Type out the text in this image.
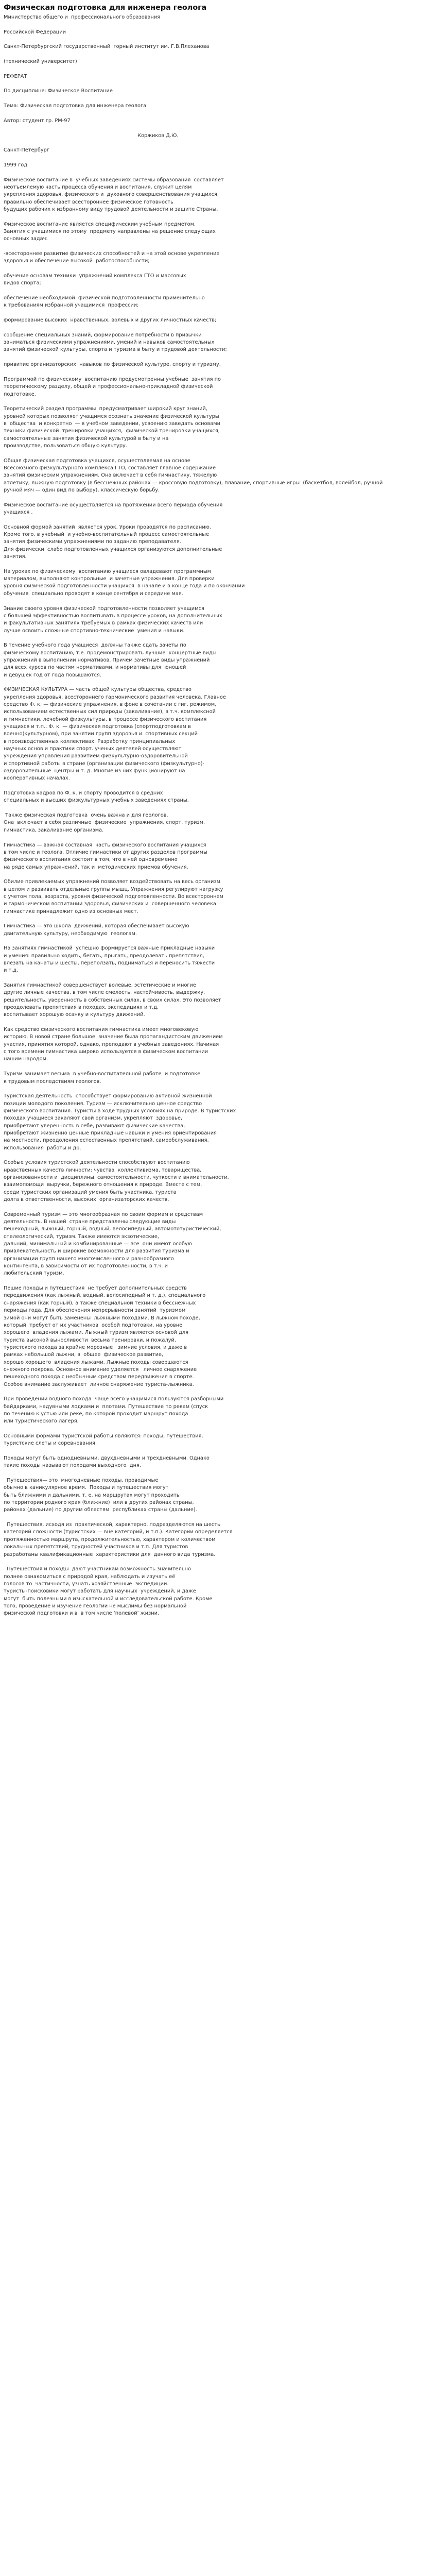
Физическая подготовка для инженера геолога

Министерство общего и  профессионального образования

Российской Федерации

Санкт-Петербургский государственный  горный институт им. Г.В.Плеханова

(технический университет)

РЕФЕРАТ

По дисциплине: Физическое Воспитание

Тема: Физическая подготовка для инженера геолога

Автор: студент гр. РМ-97

Коржиков Д.Ю.

Санкт-Петербург

1999 год

Физическое воспитание в  учебных заведениях системы образования  составляет
неотъемлемую часть процесса обучения и воспитания, служит целям
укрепления здоровья, физического и  духовного совершенствования учащихся,
правильно обеспечивает всестороннее физическое готовность
будущих рабочих к избранному виду трудовой деятельности и защите Страны.

Физическое воспитание является специфическим учебным предметом.
Занятия с учащимися по этому  предмету направлены на решение следующих
основных задач:

-всестороннее развитие физических способностей и на этой основе укрепление
здоровья и обеспечение высокой  работоспособности;

обучение основам техники  упражнений комплекса ГТО и массовых
видов спорта;

обеспечение необходимой  физической подготовленности применительно
к требованиям избранной учащимися  профессии;

формирование высоких  нравственных, волевых и других личностных качеств;

сообщение специальных знаний, формирование потребности в привычки
заниматься физическими упражнениями, умений и навыков самостоятельных
занятий физической культуры, спорта и туризма в быту и трудовой деятельности;

привитие организаторских  навыков по физической культуре, спорту и туризму.

Программой по физическому  воспитанию предусмотренны учебные  занятия по
теоретическому разделу, общей и профессионально-прикладной физической
подготовке.

Теоретический раздел программы  предусматривает широкий круг знаний,
уровней которых позволяет учащимся осознать значение физической культуры
в  общества  и конкретно  — в учебном заведении, усвоению заведать основами
техники физической  тренировки учащихся,  физической тренировки учащихся,
самостоятельные занятия физической культурой в быту и на
производстве, пользоваться общую культуру.

Общая физическая подготовка учащихся, осуществляемая на основе
Всесоюзного физкультурного комплекса ГТО, составляет главное содержание
занятий физическим упражнениям. Она включает в себя гимнастику, тяжелую
атлетику, лыжную подготовку (в бесснежных районах — кроссовую подготовку), плавание, спортивные игры  (баскетбол, волейбол, ручной
ручной мяч — один вид по выбору), классическую борьбу.

Физическое воспитание осуществляется на протяжении всего периода обучения
учащихся .

Основной формой занятий  является урок. Уроки проводятся по расписанию.
Кроме того, в учебный  и учебно-воспитательный процесс самостоятельные
занятия физическими упражнениями по заданию преподавателя.
Для физически  слабо подготовленных учащихся организуются дополнительные
занятия.

На уроках по физическому  воспитанию учащиеся овладевают программным
материалом, выполняют контрольные  и зачетные упражнения. Для проверки
уровня физической подготовленности учащихся  в начале и в конце года и по окончании
обучения  специально проводят в конце сентября и середине мая.

Знание своего уровня физической подготовленности позволяет учащимся
с большей эффективностью воспитывать в процессе уроков, на дополнительных
и факультативных занятиях требуемых в рамках физических качеств или
лучше освоить сложные спортивно-технические  умения и навыки.

В течение учебного года учащиеся  должны также сдать зачеты по
физическому воспитанию, т.е. продемонстрировать лучшие  концертные виды
упражнений в выполнении нормативов. Причем зачетные виды упражнений
для всех курсов по частям нормативами, и нормативы для  юношей
и девушек год от года повышаются.

ФИЗИЧЕСКАЯ КУЛЬТУРА — часть общей культуры общества, средство
укрепления здоровья, всестороннего гармонического развития человека. Главное
средство Ф. к. — физические упражнения, в фоне в сочетании с гиг. режимом,
использованием естественных сил природы (закаливание), в т.ч. комплексной
и гимнастики, лечебной физкультуры, в процессе физического воспитания
учащихся и т.п.. Ф. к. — физическая подготовка (спортподготовкам в
военно)культурном), при занятии групп здоровья и  спортивных секций
в производственных коллективах. Разработку принципиальных
научных основ и практики спорт. ученых деятелей осуществляют
учреждения управления развитием физкультурно-оздоровительной
и спортивной работы в стране (организации физического (физкультурно)-
оздоровительные  центры и т. д. Многие из них функционируют на
кооперативных началах.

Подготовка кадров по Ф. к. и спорту проводится в средних
специальных и высших физкультурных учебных заведениях страны.

Также физическая подготовка  очень важна и для геологов.
Она  включает в себя различные  физические  упражнения, спорт, туризм,
гимнастика, закаливание организма.

Гимнастика — важная составная  часть физического воспитания учащихся
в том числе и геолога. Отличие гимнастики от других разделов программы
физического воспитания состоит в том, что в ней одновременно
на ряде самых упражнений, так и  методических приемов обучения.

Обилие привлекаемых упражнений позволяет воздействовать на весь организм
в целом и развивать отдельные группы мышц. Упражнения регулируют нагрузку
с учетом пола, возраста, уровня физической подготовленности. Во всестороннем
и гармоническом воспитании здоровья, физических и  совершенного человека
гимнастике принадлежит одно из основных мест.

Гимнастика — это школа  движений, которая обеспечивает высокую
двигательную культуру, необходимую  геологам.

На занятиях гимнастикой  успешно формируется важные прикладные навыки
и умения: правильно ходить, бегать, прыгать, преодолевать препятствия,
влезать на канаты и шесты, переползать, подниматься и переносить тяжести
и т.д.

Занятия гимнастикой совершенствует волевые, эстетические и многие
другие личные качества, в том числе смелость, настойчивость, выдержку,
решительность, уверенность в собственных силах, в своих силах. Это позволяет
преодолевать препятствия в походах, экспедициях и т.д.
воспитывает хорошую осанку и культуру движений.

Как средство физического воспитания гимнастика имеет многовековую
историю. В новой странe большое  значение была пропагандистским движением
участия, принятия которой, однако, преподают в учебных заведениях. Начиная
с того времени гимнастика широко используется в физическом воспитании
нашим народом.

Туризм занимает весьма  в учебно-воспитательной работе  и подготовке
к трудовым последствиям геологов.

Туристская деятельность  способствует формированию активной жизненной
позиции молодого поколения. Туризм — исключительно ценное средство
физического воспитания. Туристы в ходе трудных условиях на природе. В туристских
походах учащиеся закаляют свой организм, укрепляют  здоровье,
приобретают уверенность в себе, развивают физические качества,
приобретают жизненно ценные прикладные навыки и умения ориентирования
на местности, преодоления естественных препятствий, самообслуживания,
использования  работы и др.

Особые условия туристской деятельности способствуют воспитанию
нравственных качеств личности: чувства  коллективизма, товарищества,
организованности и  дисциплины, самостоятельности, чуткости и внимательности,
взаимопомощи  выручки, бережного отношения к природе. Вместе с тем,
среди туристских организаций умения быть участника, туриста
долга в ответственности, высоких  организаторских качеств.

Современный туризм — это многообразная по своим формам и средствам
деятельность. В нашей  стране представлены следующие виды
пешеходный, лыжный, горный, водный, велосипедный, автомототуристический,
спелеологический, туризм. Также имеются экзотические,
дальний, минимальный и комбинированные — все  они имеют особую
привлекательность и широкие возможности для развития туризма и
организации групп нашего многочисленного и разнообразного
контингента, в зависимости от их подготовленности, в т.ч. и
любительский туризм.

Пешие походы и путешествия  не требует дополнительных средств
передвижения (как лыжный, водный, велосипедный и т. д.), специального
снаряжения (как горный), а также специальной техники в бесснежных
периоды года. Для обеспечения непрерывности занятий  туризмом
зимой они могут быть заменены  лыжными походами. В лыжном походе,
который  требует от их участников  особой подготовки, на уровне
хорошего  владения лыжами. Лыжный туризм является основой для
туриста высокой выносливости  весьма тренировки, и пожалуй,
туристского похода за крайне морозные   зимние условия, и даже в
рамках небольшой лыжни, в  общее  физическое развитие,
хорошо хорошего  владения лыжами. Лыжные походы совершаются
снежного покрова. Основное внимание уделяется   личное снаряжение
пешеходного похода с необычным средством передвижения в спорте.
Особое внимание заслуживает  личное снаряжение туриста-лыжника.

При проведении водного похода  чаще всего учащимися пользуются разборными
байдарками, надувными лодками и  плотами. Путешествие по рекам (спуск
по течению к устью или реке, по которой проходит маршрут похода
или туристического лагеря.

Основными формами туристской работы являются: походы, путешествия,
туристские слеты и соревнования.

Походы могут быть однодневными, двухдневными и трехдневными. Однако
такие походы называют походами выходного  дня.

Путешествия— это  многодневные походы, проводимые
обычно в каникулярное время.  Походы и путешествия могут
быть ближними и дальними, т. е. на маршрутах могут проходить
по территории родного края (ближние)  или в других районах страны,
районах (дальние) по другим областям  республиках страны (дальние).

Путешествия, исходя из  практической, характерно, подразделяются на шесть
категорий сложности (туристских — вне категорий, и т.п.). Категории определяется
протяженностью маршрута, продолжительностью, характером и количеством
локальных препятствий, трудностей участников и т.п. Для туристов
разработаны квалификационные  характеристики для  данного вида туризма.

Путешествия и походы  дают участникам возможность значительно
полнее ознакомиться с природой края, наблюдать и изучать её
голосов то  частичности, узнать хозяйственные  экспедиции.
туристы-поисковики могут работать для научных  учреждений, и даже
могут  быть полезными в изыскательной и исследовательской работе. Кроме
того, проведение и изучение геологии не мыслимы без нормальной
физической подготовки и в  в том числе ‘полевой’ жизни.
